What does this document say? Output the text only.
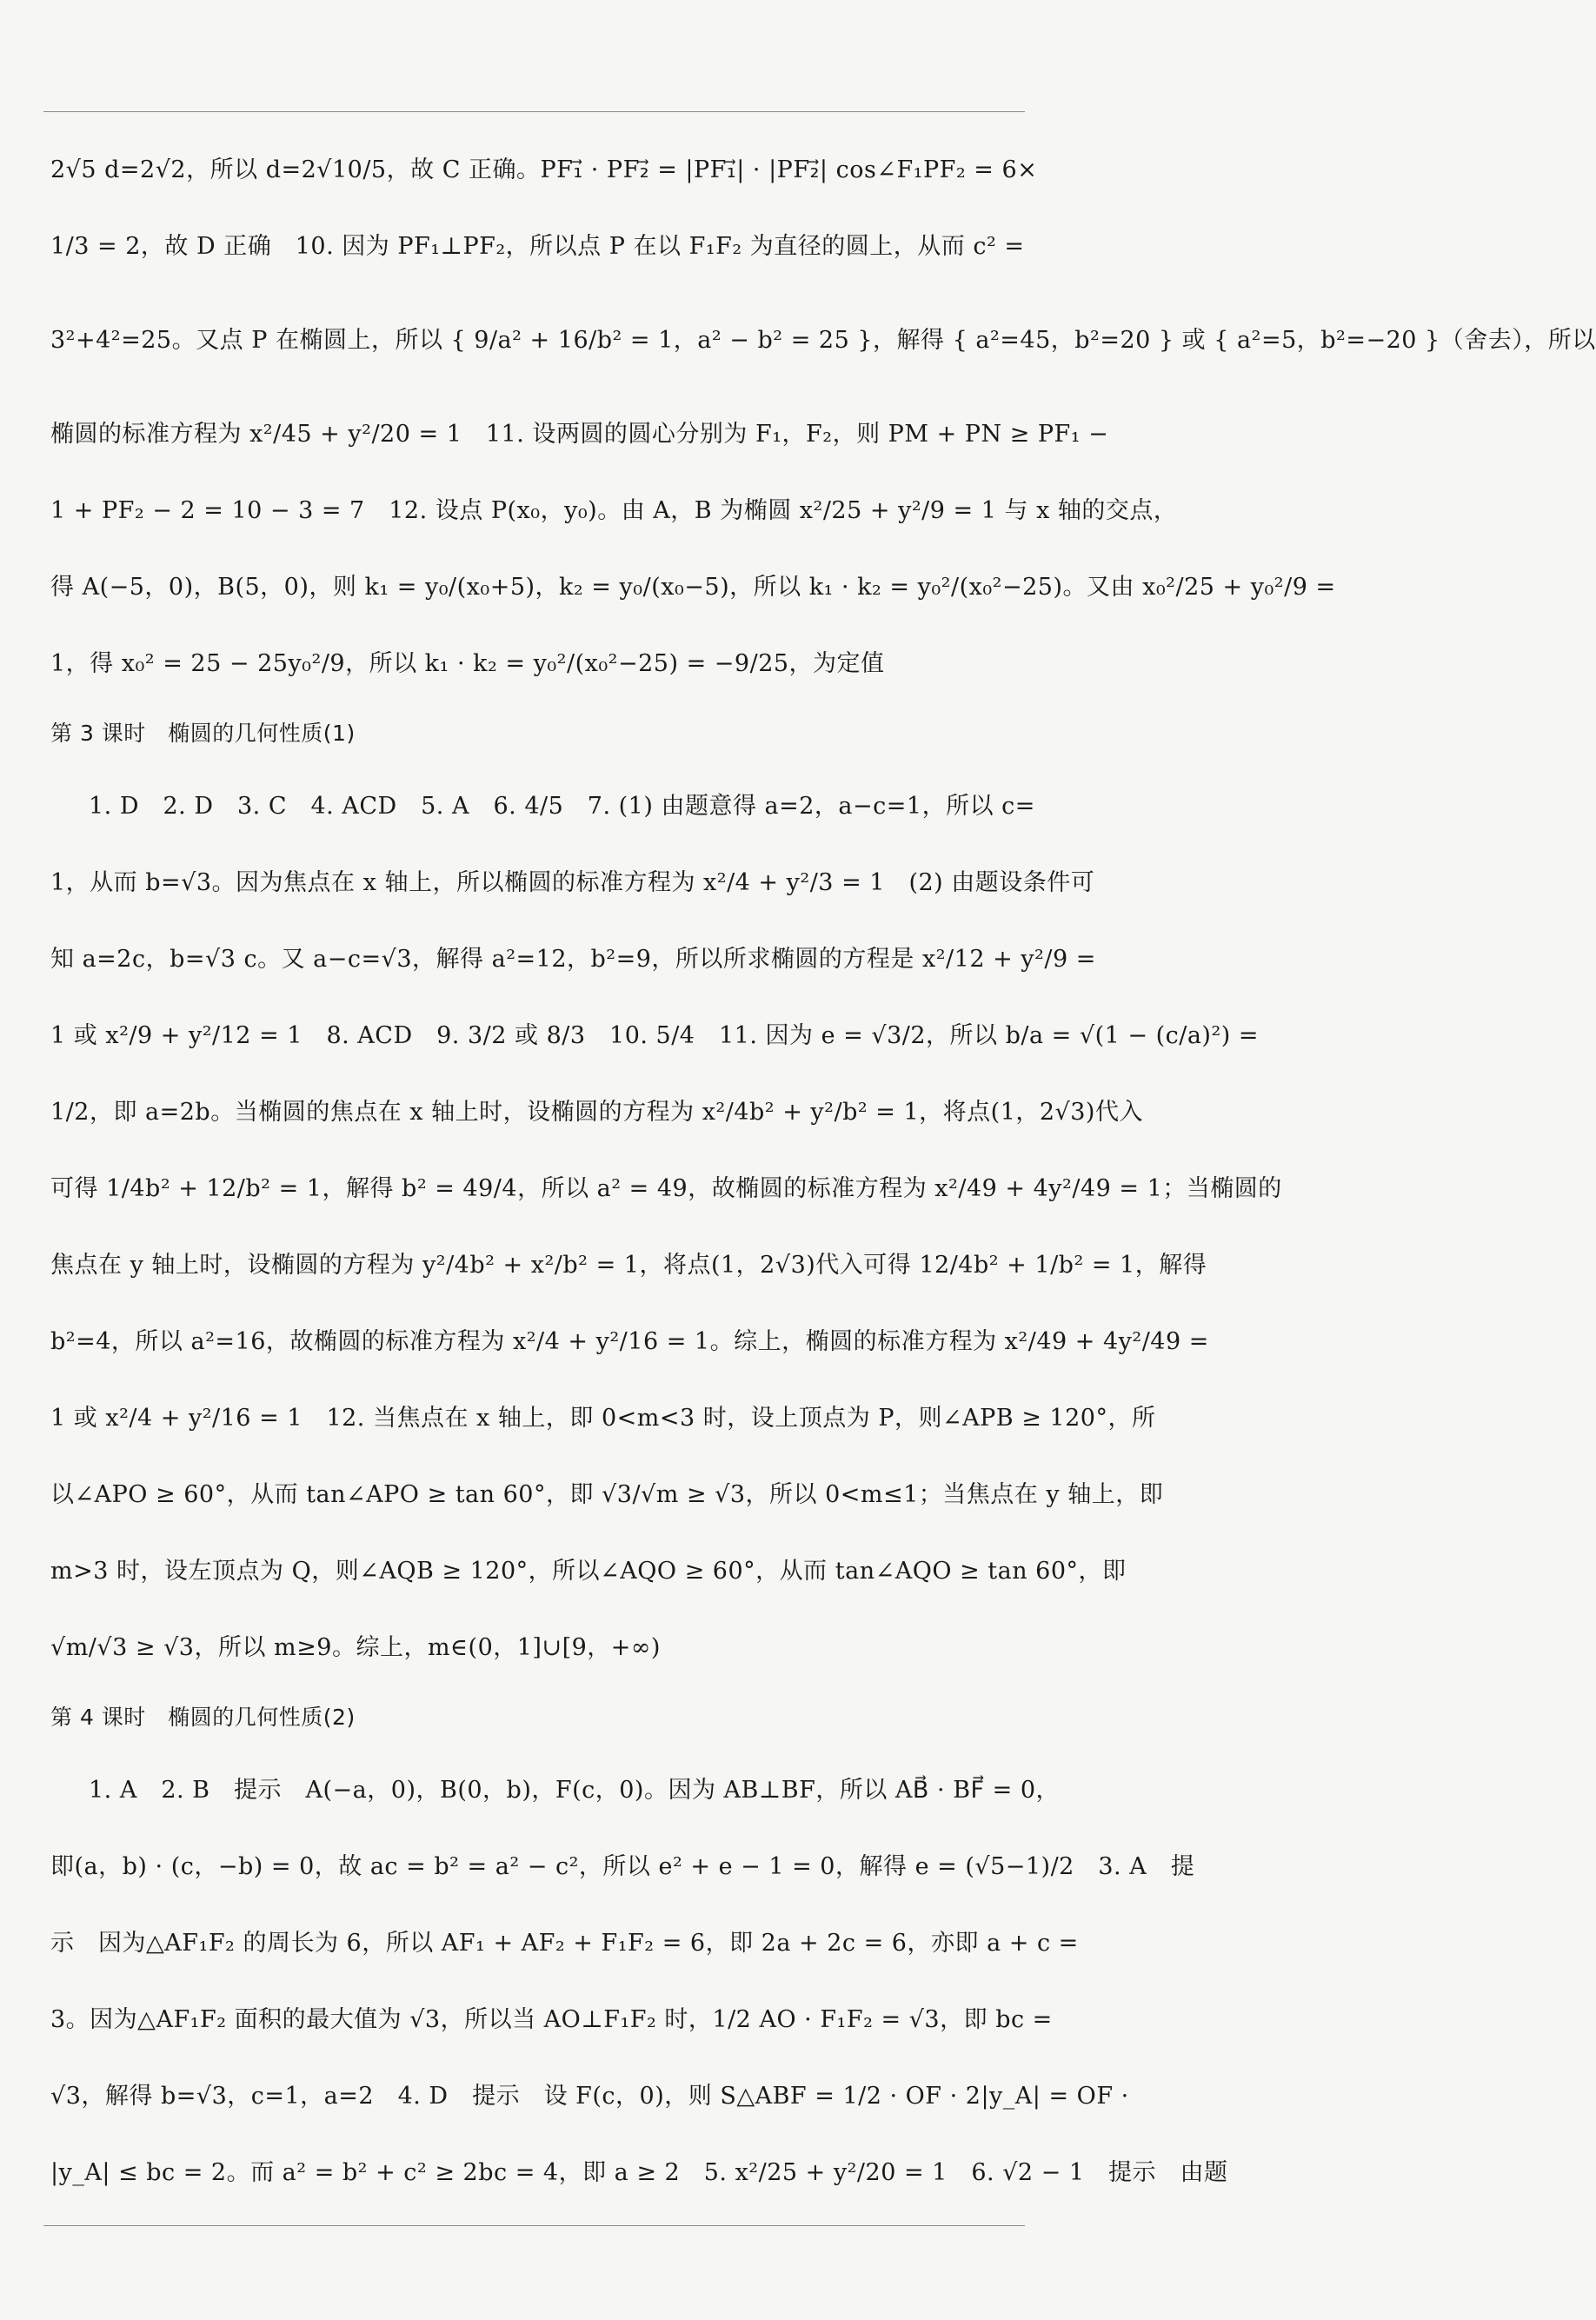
2√5 d=2√2，所以 d=2√10/5，故 C 正确。PF₁⃗ · PF₂⃗ = |PF₁⃗| · |PF₂⃗| cos∠F₁PF₂ = 6×
1/3 = 2，故 D 正确　10. 因为 PF₁⊥PF₂，所以点 P 在以 F₁F₂ 为直径的圆上，从而 c² =
3²+4²=25。又点 P 在椭圆上，所以 { 9/a² + 16/b² = 1，a² − b² = 25 }，解得 { a²=45，b²=20 } 或 { a²=5，b²=−20 }（舍去），所以
椭圆的标准方程为 x²/45 + y²/20 = 1　11. 设两圆的圆心分别为 F₁，F₂，则 PM + PN ≥ PF₁ −
1 + PF₂ − 2 = 10 − 3 = 7　12. 设点 P(x₀，y₀)。由 A，B 为椭圆 x²/25 + y²/9 = 1 与 x 轴的交点，
得 A(−5，0)，B(5，0)，则 k₁ = y₀/(x₀+5)，k₂ = y₀/(x₀−5)，所以 k₁ · k₂ = y₀²/(x₀²−25)。又由 x₀²/25 + y₀²/9 =
1，得 x₀² = 25 − 25y₀²/9，所以 k₁ · k₂ = y₀²/(x₀²−25) = −9/25，为定值
第 3 课时　椭圆的几何性质(1)
1. D　2. D　3. C　4. ACD　5. A　6. 4/5　7. (1) 由题意得 a=2，a−c=1，所以 c=
1，从而 b=√3。因为焦点在 x 轴上，所以椭圆的标准方程为 x²/4 + y²/3 = 1　(2) 由题设条件可
知 a=2c，b=√3 c。又 a−c=√3，解得 a²=12，b²=9，所以所求椭圆的方程是 x²/12 + y²/9 =
1 或 x²/9 + y²/12 = 1　8. ACD　9. 3/2 或 8/3　10. 5/4　11. 因为 e = √3/2，所以 b/a = √(1 − (c/a)²) =
1/2，即 a=2b。当椭圆的焦点在 x 轴上时，设椭圆的方程为 x²/4b² + y²/b² = 1，将点(1，2√3)代入
可得 1/4b² + 12/b² = 1，解得 b² = 49/4，所以 a² = 49，故椭圆的标准方程为 x²/49 + 4y²/49 = 1；当椭圆的
焦点在 y 轴上时，设椭圆的方程为 y²/4b² + x²/b² = 1，将点(1，2√3)代入可得 12/4b² + 1/b² = 1，解得
b²=4，所以 a²=16，故椭圆的标准方程为 x²/4 + y²/16 = 1。综上，椭圆的标准方程为 x²/49 + 4y²/49 =
1 或 x²/4 + y²/16 = 1　12. 当焦点在 x 轴上，即 0<m<3 时，设上顶点为 P，则∠APB ≥ 120°，所
以∠APO ≥ 60°，从而 tan∠APO ≥ tan 60°，即 √3/√m ≥ √3，所以 0<m≤1；当焦点在 y 轴上，即
m>3 时，设左顶点为 Q，则∠AQB ≥ 120°，所以∠AQO ≥ 60°，从而 tan∠AQO ≥ tan 60°，即
√m/√3 ≥ √3，所以 m≥9。综上，m∈(0，1]∪[9，+∞)
第 4 课时　椭圆的几何性质(2)
1. A　2. B　提示　A(−a，0)，B(0，b)，F(c，0)。因为 AB⊥BF，所以 AB⃗ · BF⃗ = 0，
即(a，b) · (c，−b) = 0，故 ac = b² = a² − c²，所以 e² + e − 1 = 0，解得 e = (√5−1)/2　3. A　提
示　因为△AF₁F₂ 的周长为 6，所以 AF₁ + AF₂ + F₁F₂ = 6，即 2a + 2c = 6，亦即 a + c =
3。因为△AF₁F₂ 面积的最大值为 √3，所以当 AO⊥F₁F₂ 时，1/2 AO · F₁F₂ = √3，即 bc =
√3，解得 b=√3，c=1，a=2　4. D　提示　设 F(c，0)，则 S△ABF = 1/2 · OF · 2|y_A| = OF ·
|y_A| ≤ bc = 2。而 a² = b² + c² ≥ 2bc = 4，即 a ≥ 2　5. x²/25 + y²/20 = 1　6. √2 − 1　提示　由题
